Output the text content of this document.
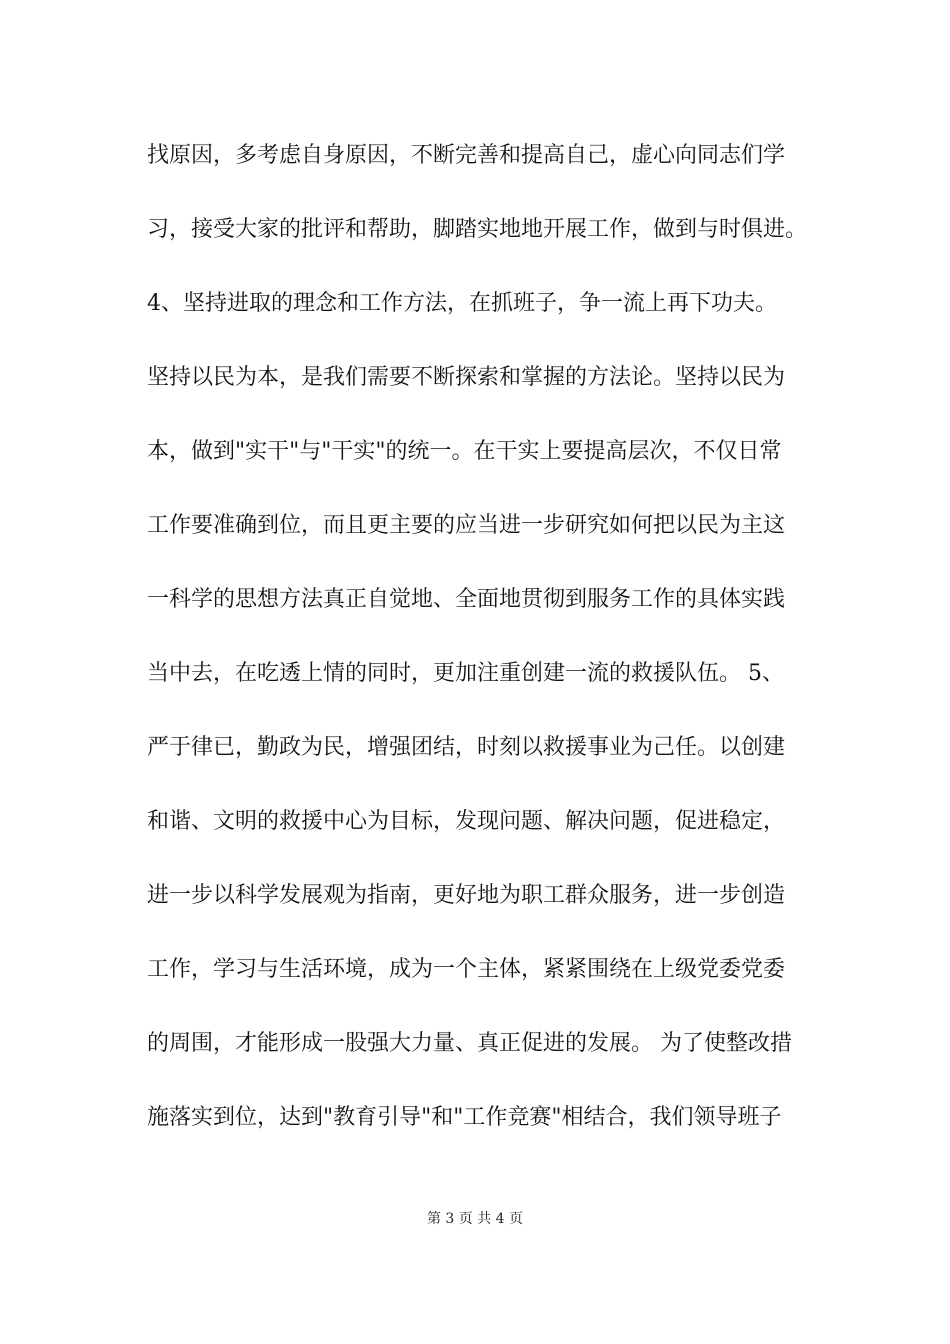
找原因，多考虑自身原因，不断完善和提高自己，虚心向同志们学
习，接受大家的批评和帮助，脚踏实地地开展工作，做到与时俱进。
4、坚持进取的理念和工作方法，在抓班子，争一流上再下功夫。
坚持以民为本，是我们需要不断探索和掌握的方法论。坚持以民为
本，做到"实干"与"干实"的统一。在干实上要提高层次，不仅日常
工作要准确到位，而且更主要的应当进一步研究如何把以民为主这
一科学的思想方法真正自觉地、全面地贯彻到服务工作的具体实践
当中去，在吃透上情的同时，更加注重创建一流的救援队伍。 5、
严于律已，勤政为民，增强团结，时刻以救援事业为己任。以创建
和谐、文明的救援中心为目标，发现问题、解决问题，促进稳定，
进一步以科学发展观为指南，更好地为职工群众服务，进一步创造
工作，学习与生活环境，成为一个主体，紧紧围绕在上级党委党委
的周围，才能形成一股强大力量、真正促进的发展。 为了使整改措
施落实到位，达到"教育引导"和"工作竞赛"相结合，我们领导班子
第 3 页 共 4 页
